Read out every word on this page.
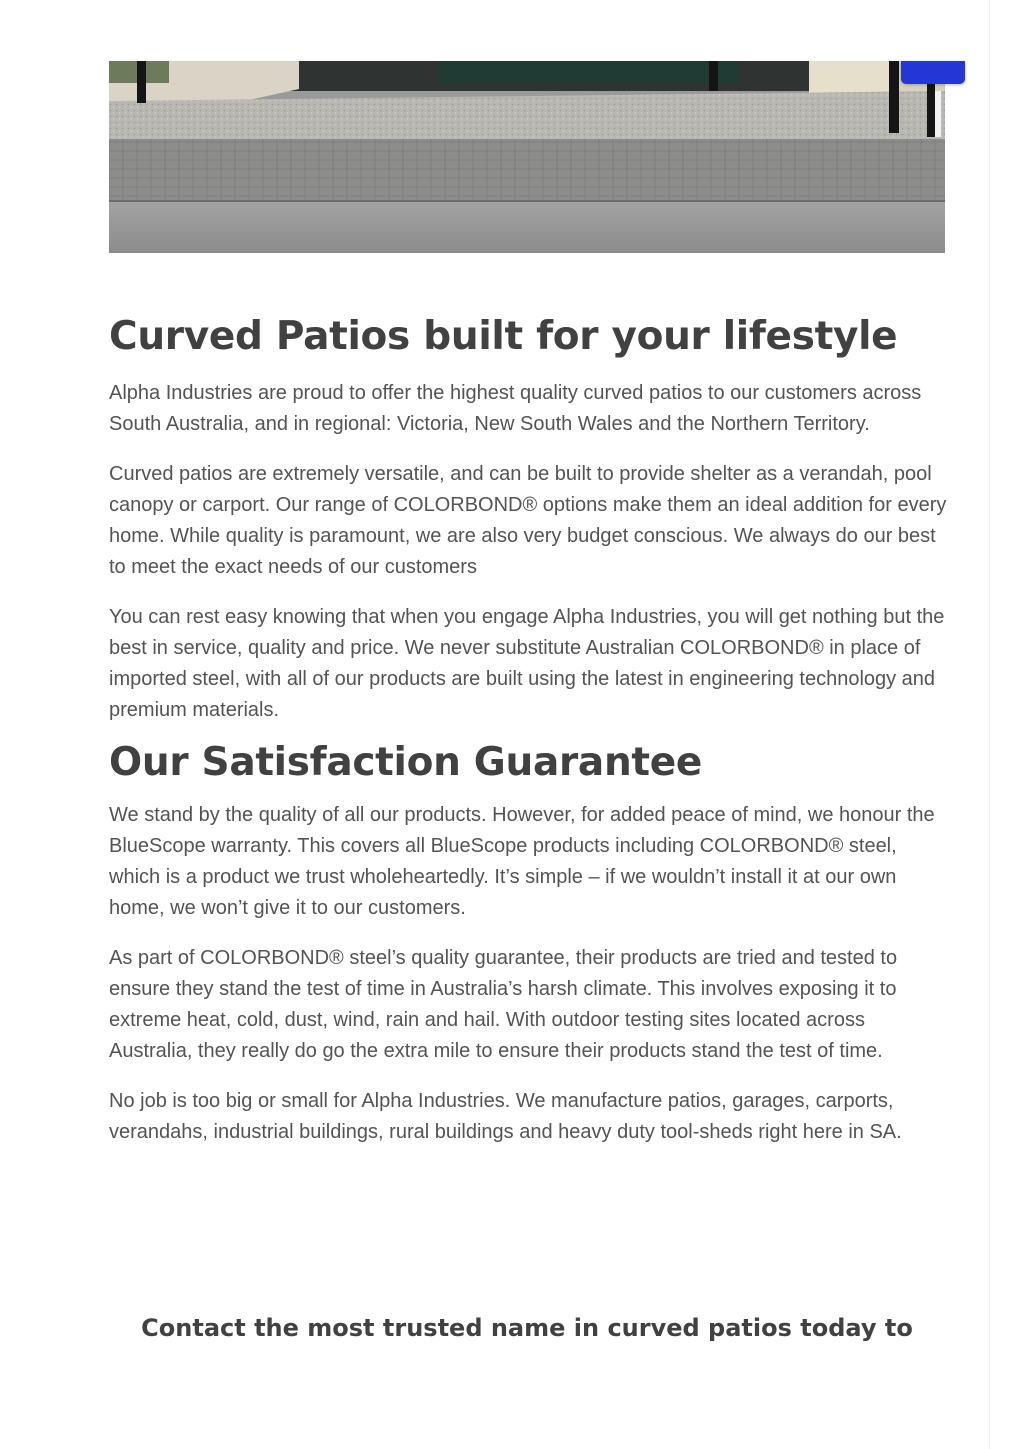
Curved Patios built for your lifestyle

Alpha Industries are proud to offer the highest quality curved patios to our customers across South Australia, and in regional: Victoria, New South Wales and the Northern Territory.

Curved patios are extremely versatile, and can be built to provide shelter as a verandah, pool canopy or carport. Our range of COLORBOND® options make them an ideal addition for every home. While quality is paramount, we are also very budget conscious. We always do our best to meet the exact needs of our customers

You can rest easy knowing that when you engage Alpha Industries, you will get nothing but the best in service, quality and price. We never substitute Australian COLORBOND® in place of imported steel, with all of our products are built using the latest in engineering technology and premium materials.

Our Satisfaction Guarantee

We stand by the quality of all our products. However, for added peace of mind, we honour the BlueScope warranty. This covers all BlueScope products including COLORBOND® steel, which is a product we trust wholeheartedly. It’s simple – if we wouldn’t install it at our own home, we won’t give it to our customers.

As part of COLORBOND® steel’s quality guarantee, their products are tried and tested to ensure they stand the test of time in Australia’s harsh climate. This involves exposing it to extreme heat, cold, dust, wind, rain and hail. With outdoor testing sites located across Australia, they really do go the extra mile to ensure their products stand the test of time.

No job is too big or small for Alpha Industries. We manufacture patios, garages, carports, verandahs, industrial buildings, rural buildings and heavy duty tool-sheds right here in SA.

Contact the most trusted name in curved patios today to
